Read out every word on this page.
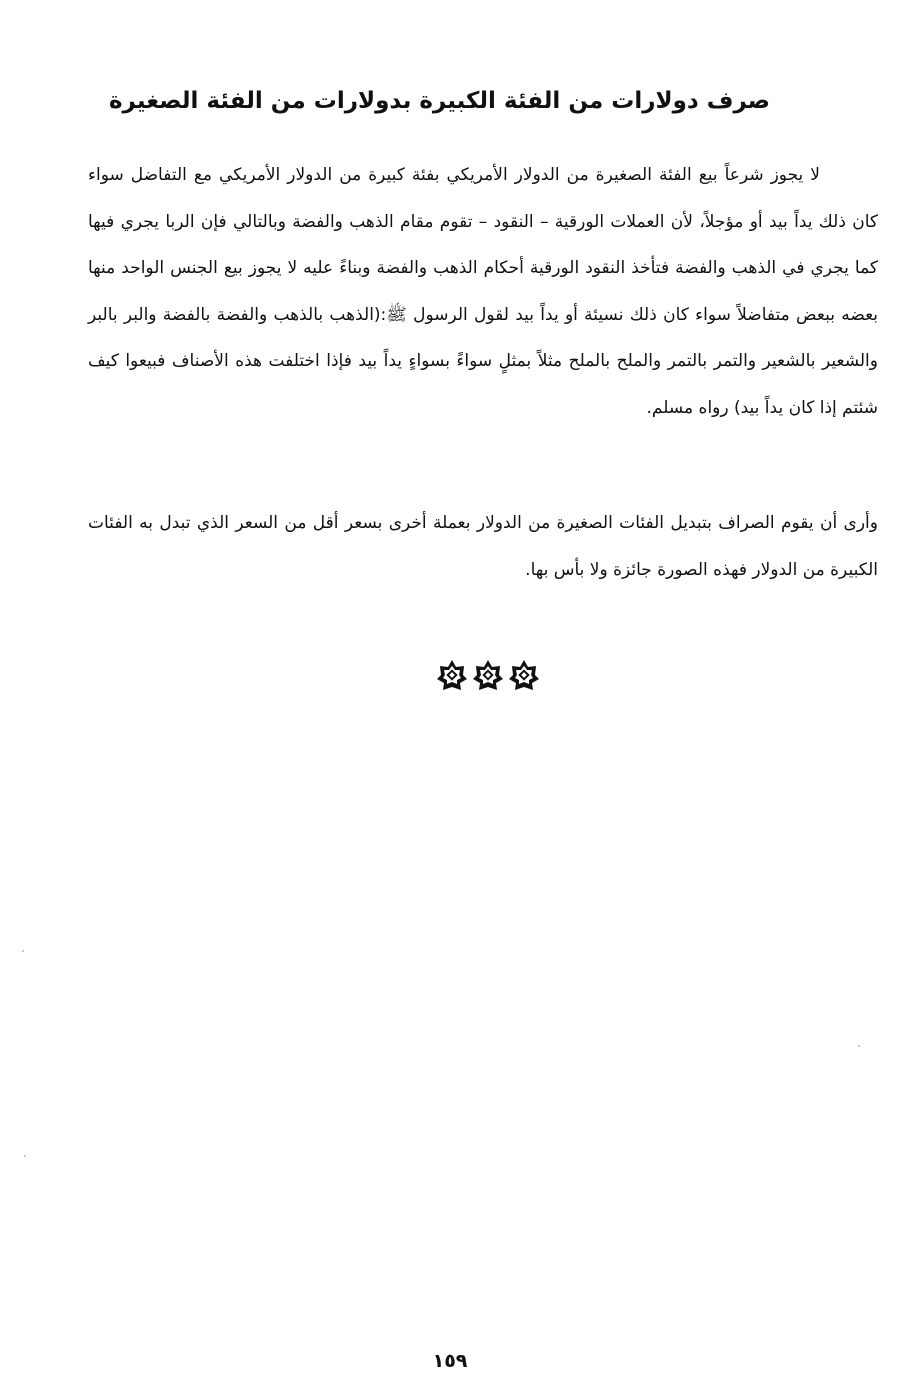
صرف دولارات من الفئة الكبيرة بدولارات من الفئة الصغيرة

لا يجوز شرعاً بيع الفئة الصغيرة من الدولار الأمريكي بفئة كبيرة من الدولار الأمريكي مع التفاضل سواء كان ذلك يداً بيد أو مؤجلاً، لأن العملات الورقية – النقود – تقوم مقام الذهب والفضة وبالتالي فإن الربا يجري فيها كما يجري في الذهب والفضة فتأخذ النقود الورقية أحكام الذهب والفضة وبناءً عليه لا يجوز بيع الجنس الواحد منها بعضه ببعض متفاضلاً سواء كان ذلك نسيئة أو يداً بيد لقول الرسول ﷺ:(الذهب بالذهب والفضة بالفضة والبر بالبر والشعير بالشعير والتمر بالتمر والملح بالملح مثلاً بمثلٍ سواءً بسواءٍ يداً بيد فإذا اختلفت هذه الأصناف فبيعوا كيف شئتم إذا كان يداً بيد) رواه مسلم.

وأرى أن يقوم الصراف بتبديل الفئات الصغيرة من الدولار بعملة أخرى بسعر أقل من السعر الذي تبدل به الفئات الكبيرة من الدولار فهذه الصورة جائزة ولا بأس بها.

١٥٩
